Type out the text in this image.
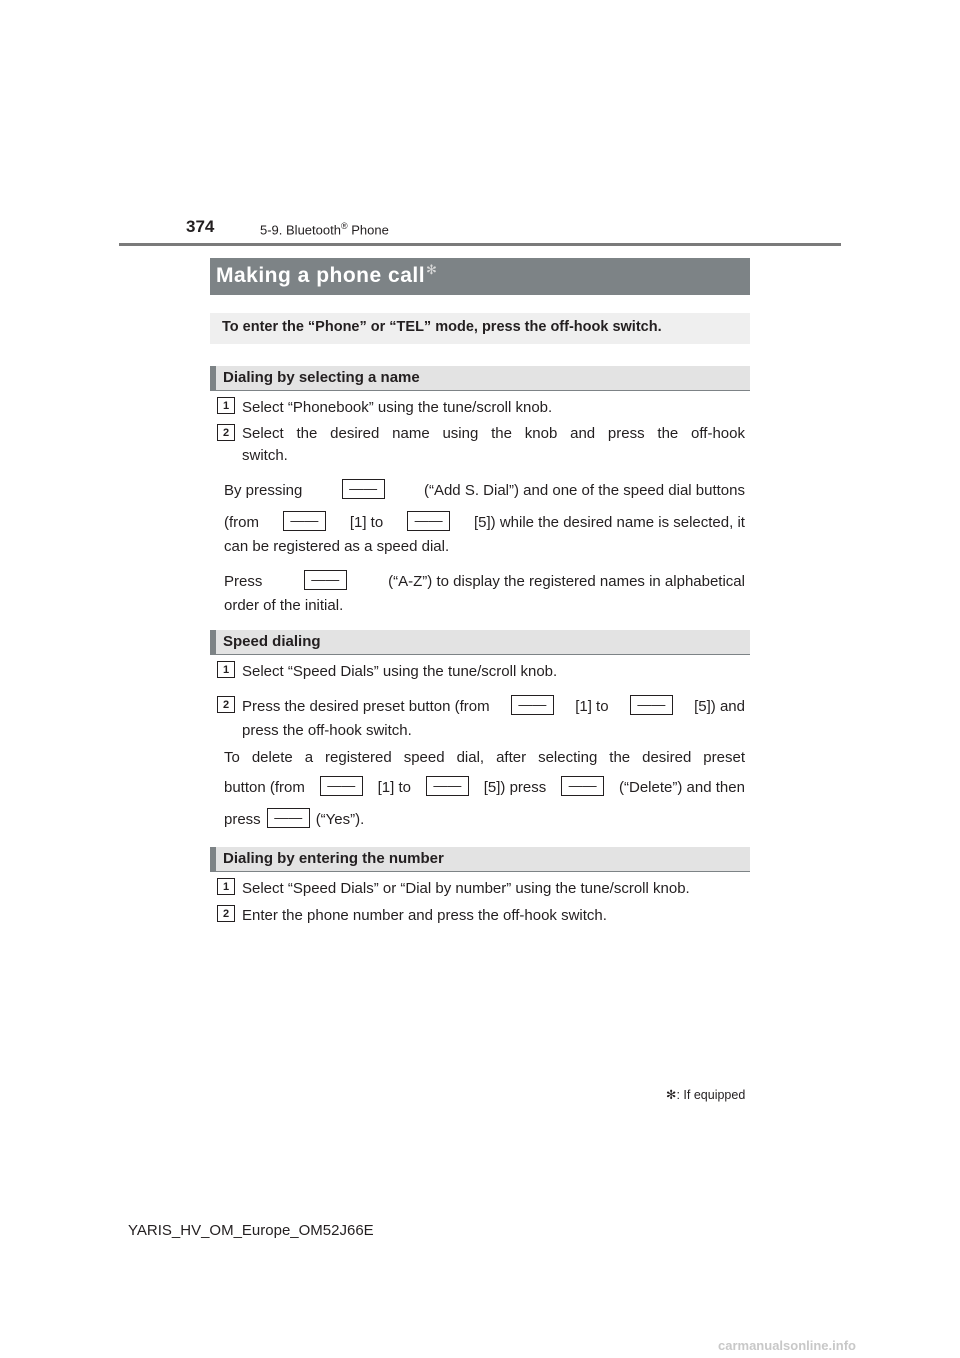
374	5-9. Bluetooth® Phone
Making a phone call✻
To enter the “Phone” or “TEL” mode, press the off-hook switch.
Dialing by selecting a name
1 Select “Phonebook” using the tune/scroll knob.
2 Select the desired name using the knob and press the off-hook
switch.
By pressing	——	(“Add S. Dial”) and one of the speed dial buttons
(from	——	[1] to	——	[5]) while the desired name is selected, it
can be registered as a speed dial.
Press	——	(“A-Z”) to display the registered names in alphabetical
order of the initial.
Speed dialing
1 Select “Speed Dials” using the tune/scroll knob.
2 Press the desired preset button (from	——	[1] to	——	[5]) and
press the off-hook switch.
To delete a registered speed dial, after selecting the desired preset
button (from	——	[1] to	——	[5]) press	——	(“Delete”) and then
press —— (“Yes”).
Dialing by entering the number
1 Select “Speed Dials” or “Dial by number” using the tune/scroll knob.
2 Enter the phone number and press the off-hook switch.
✻: If equipped
YARIS_HV_OM_Europe_OM52J66E
carmanualsonline.info
